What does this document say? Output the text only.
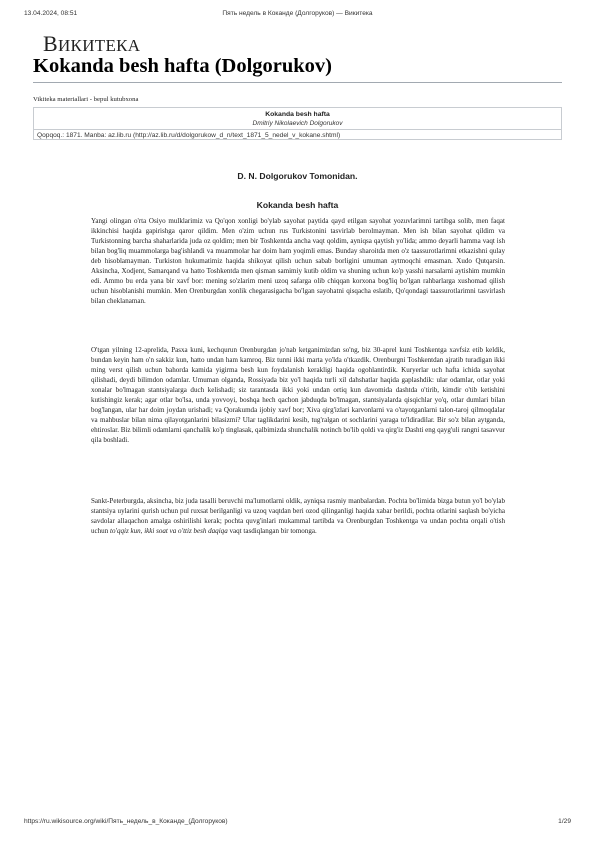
13.04.2024, 08:51	Пять недель в Коканде (Долгоруков) — Викитека
ВИКИТЕКА
Kokanda besh hafta (Dolgorukov)
Vikiteka materiallari - bepul kutubxona
Kokanda besh hafta
Dmitriy Nikolaevich Dolgorukov
Qopqoq.: 1871. Manba: az.lib.ru (http://az.lib.ru/d/dolgorukow_d_n/text_1871_5_nedel_v_kokane.shtml)
D. N. Dolgorukov Tomonidan.
Kokanda besh hafta

Yangi olingan o'rta Osiyo mulklarimiz va Qo'qon xonligi bo'ylab sayohat paytida qayd etilgan sayohat yozuvlarimni tartibga solib, men faqat ikkinchisi haqida gapirishga qaror qildim. Men o'zim uchun rus Turkistonini tasvirlab berolmayman. Men ish bilan sayohat qildim va Turkistonning barcha shaharlarida juda oz qoldim; men bir Toshkentda ancha vaqt qoldim, ayniqsa qaytish yo'lida; ammo deyarli hamma vaqt ish bilan bog'liq muammolarga bag'ishlandi va muammolar har doim ham yoqimli emas. Bunday sharoitda men o'z taassurotlarimni etkazishni qulay deb hisoblamayman. Turkiston hukumatimiz haqida shikoyat qilish uchun sabab borligini umuman aytmoqchi emasman. Xudo Qutqarsin. Aksincha, Xodjent, Samarqand va hatto Toshkentda men qisman samimiy kutib oldim va shuning uchun ko'p yasshi narsalarni aytishim mumkin edi. Ammo bu erda yana bir xavf bor: mening so'zlarim meni uzoq safarga olib chiqqan korxona bog'liq bo'lgan rahbarlarga xushomad qilish uchun hisoblanishi mumkin. Men Orenburgdan xonlik chegarasigacha bo'lgan sayohatni qisqacha eslatib, Qo'qondagi taassurotlarimni tasvirlash bilan cheklanaman.

O'tgan yilning 12-aprelida, Pasxa kuni, kechqurun Orenburgdan jo'nab ketganimizdan so'ng, biz 30-aprel kuni Toshkentga xavfsiz etib keldik, bundan keyin ham o'n sakkiz kun, hatto undan ham kamroq. Biz tunni ikki marta yo'lda o'tkazdik. Orenburgni Toshkentdan ajratib turadigan ikki ming verst qilish uchun bahorda kamida yigirma besh kun foydalanish kerakligi haqida ogohlantirdik. Kuryerlar uch hafta ichida sayohat qilishadi, deydi bilimdon odamlar. Umuman olganda, Rossiyada biz yo'l haqida turli xil dahshatlar haqida gaplashdik: ular odamlar, otlar yoki xonalar bo'lmagan stantsiyalarga duch kelishadi; siz tarantasda ikki yoki undan ortiq kun davomida dashtda o'tirib, kimdir o'tib ketishini kutishingiz kerak; agar otlar bo'lsa, unda yovvoyi, boshqa hech qachon jabduqda bo'lmagan, stantsiyalarda qisqichlar yo'q, otlar dumlari bilan bog'langan, ular har doim joydan urishadi; va Qorakumda ijobiy xavf bor; Xiva qirg'izlari karvonlarni va o'tayotganlarni talon-taroj qilmoqdalar va mahbuslar bilan nima qilayotganlarini bilasizmi? Ular taglikdarini kesib, tug'ralgan ot sochlarini yaraga to'ldiradilar. Bir so'z bilan aytganda, ehtiroslar. Biz bilimli odamlarni qanchalik ko'p tinglasak, qalbimizda shunchalik notinch bo'lib qoldi va qirg'iz Dashti eng qayg'uli rangni tasavvur qila boshladi.

Sankt-Peterburgda, aksincha, biz juda tasalli beruvchi ma'lumotlarni oldik, ayniqsa rasmiy manbalardan. Pochta bo'limida bizga butun yo'l bo'ylab stantsiya uylarini qurish uchun pul ruxsat berilganligi va uzoq vaqtdan beri ozod qilinganligi haqida xabar berildi, pochta otlarini saqlash bo'yicha savdolar allaqachon amalga oshirilishi kerak; pochta quvg'inlari mukammal tartibda va Orenburgdan Toshkentga va undan pochta orqali o'tish uchun to'qqiz kun, ikki soat va o'ttiz besh daqiqa vaqt tasdiqlangan bir tomonga.

https://ru.wikisource.org/wiki/Пять_недель_в_Коканде_(Долгоруков)	1/29
